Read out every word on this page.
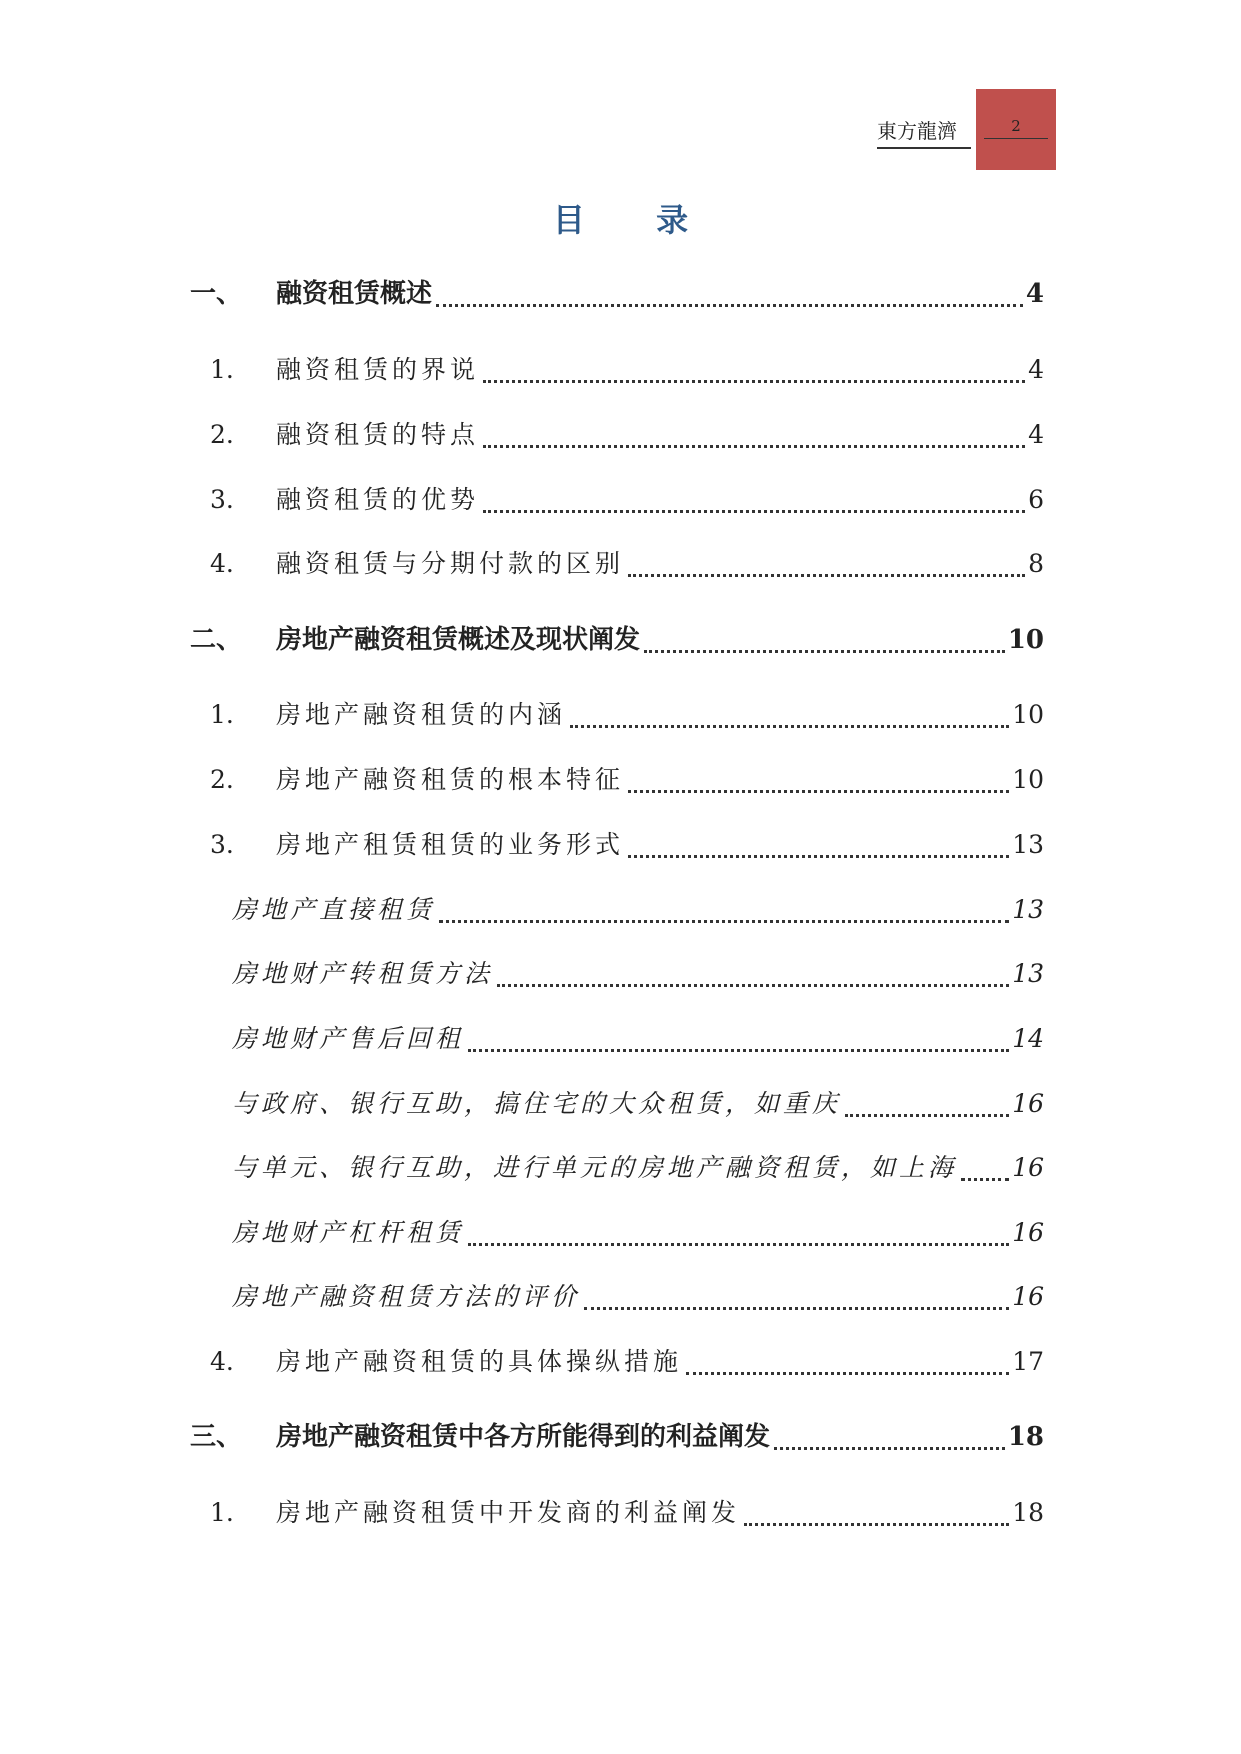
東方龍濟	2
目 录
一、	融资租赁概述	4
1.	融资租赁的界说	4
2.	融资租赁的特点	4
3.	融资租赁的优势	6
4.	融资租赁与分期付款的区别	8
二、	房地产融资租赁概述及现状阐发	10
1.	房地产融资租赁的内涵	10
2.	房地产融资租赁的根本特征	10
3.	房地产租赁租赁的业务形式	13
房地产直接租赁	13
房地财产转租赁方法	13
房地财产售后回租	14
与政府、银行互助，搞住宅的大众租赁，如重庆	16
与单元、银行互助，进行单元的房地产融资租赁，如上海 16
房地财产杠杆租赁	16
房地产融资租赁方法的评价	16
4.	房地产融资租赁的具体操纵措施	17
三、	房地产融资租赁中各方所能得到的利益阐发	18
1.	房地产融资租赁中开发商的利益阐发	18
